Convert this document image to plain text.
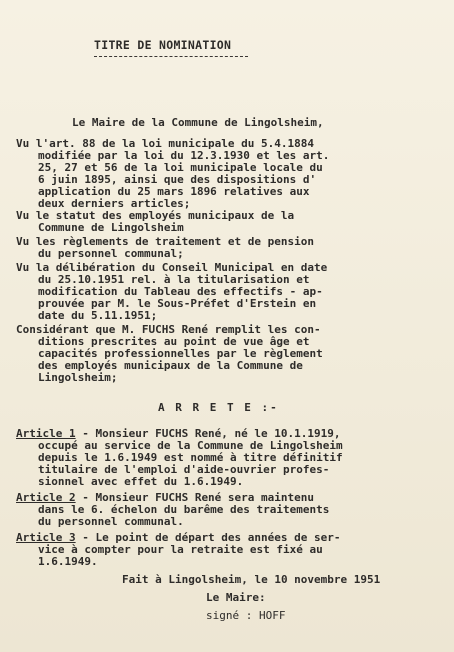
TITRE DE NOMINATION
Le Maire de la Commune de Lingolsheim,
Vu l'art. 88 de la loi municipale du 5.4.1884
modifiée par la loi du 12.3.1930 et les art.
25, 27 et 56 de la loi municipale locale du
6 juin 1895, ainsi que des dispositions d'
application du 25 mars 1896 relatives aux
deux derniers articles;
Vu le statut des employés municipaux de la
Commune de Lingolsheim
Vu les règlements de traitement et de pension
du personnel communal;
Vu la délibération du Conseil Municipal en date
du 25.10.1951 rel. à la titularisation et
modification du Tableau des effectifs - ap-
prouvée par M. le Sous-Préfet d'Erstein en
date du 5.11.1951;
Considérant que M. FUCHS René remplit les con-
ditions prescrites au point de vue âge et
capacités professionnelles par le règlement
des employés municipaux de la Commune de
Lingolsheim;
A R R E T E :-
Article 1 - Monsieur FUCHS René, né le 10.1.1919,
occupé au service de la Commune de Lingolsheim
depuis le 1.6.1949 est nommé à titre définitif
titulaire de l'emploi d'aide-ouvrier profes-
sionnel avec effet du 1.6.1949.
Article 2 - Monsieur FUCHS René sera maintenu
dans le 6. échelon du barême des traitements
du personnel communal.
Article 3 - Le point de départ des années de ser-
vice à compter pour la retraite est fixé au
1.6.1949.
Fait à Lingolsheim, le 10 novembre 1951
Le Maire:
signé : HOFF
